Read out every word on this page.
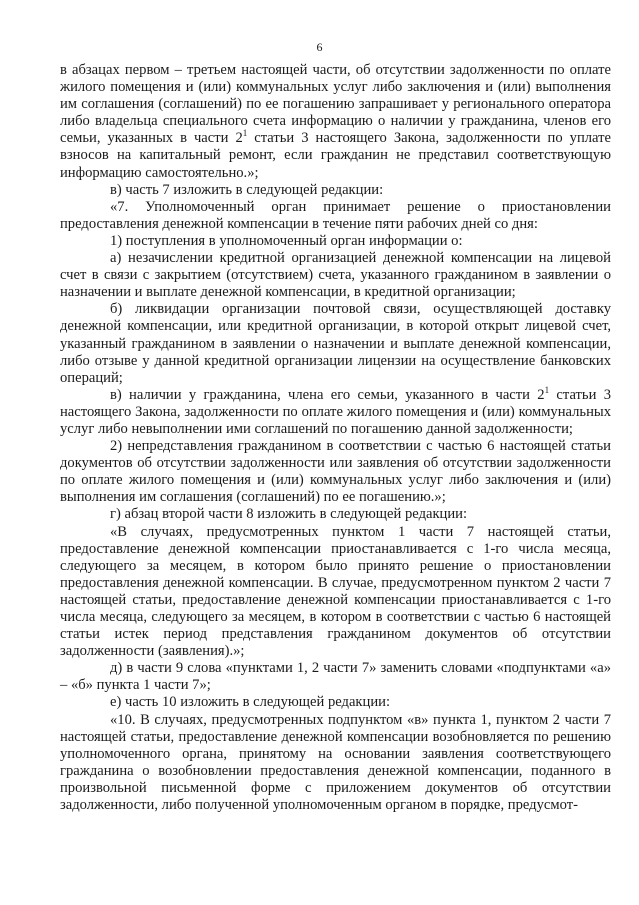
6

в абзацах первом – третьем настоящей части, об отсутствии задолженности по оплате жилого помещения и (или) коммунальных услуг либо заключения и (или) выполнения им соглашения (соглашений) по ее погашению запрашивает у регионального оператора либо владельца специального счета информацию о наличии у гражданина, членов его семьи, указанных в части $2^1$ статьи 3 настоящего Закона, задолженности по уплате взносов на капитальный ремонт, если гражданин не представил соответствующую информацию самостоятельно.»;

в) часть 7 изложить в следующей редакции:

«7. Уполномоченный орган принимает решение о приостановлении предоставления денежной компенсации в течение пяти рабочих дней со дня:

1) поступления в уполномоченный орган информации о:

а) незачислении кредитной организацией денежной компенсации на лицевой счет в связи с закрытием (отсутствием) счета, указанного гражданином в заявлении о назначении и выплате денежной компенсации, в кредитной организации;

б) ликвидации организации почтовой связи, осуществляющей доставку денежной компенсации, или кредитной организации, в которой открыт лицевой счет, указанный гражданином в заявлении о назначении и выплате денежной компенсации, либо отзыве у данной кредитной организации лицензии на осуществление банковских операций;

в) наличии у гражданина, члена его семьи, указанного в части $2^1$ статьи 3 настоящего Закона, задолженности по оплате жилого помещения и (или) коммунальных услуг либо невыполнении ими соглашений по погашению данной задолженности;

2) непредставления гражданином в соответствии с частью 6 настоящей статьи документов об отсутствии задолженности или заявления об отсутствии задолженности по оплате жилого помещения и (или) коммунальных услуг либо заключения и (или) выполнения им соглашения (соглашений) по ее погашению.»;

г) абзац второй части 8 изложить в следующей редакции:

«В случаях, предусмотренных пунктом 1 части 7 настоящей статьи, предоставление денежной компенсации приостанавливается с 1-го числа месяца, следующего за месяцем, в котором было принято решение о приостановлении предоставления денежной компенсации. В случае, предусмотренном пунктом 2 части 7 настоящей статьи, предоставление денежной компенсации приостанавливается с 1-го числа месяца, следующего за месяцем, в котором в соответствии с частью 6 настоящей статьи истек период представления гражданином документов об отсутствии задолженности (заявления).»;

д) в части 9 слова «пунктами 1, 2 части 7» заменить словами «подпунктами «а» – «б» пункта 1 части 7»;

е) часть 10 изложить в следующей редакции:

«10. В случаях, предусмотренных подпунктом «в» пункта 1, пунктом 2 части 7 настоящей статьи, предоставление денежной компенсации возобновляется по решению уполномоченного органа, принятому на основании заявления соответствующего гражданина о возобновлении предоставления денежной компенсации, поданного в произвольной письменной форме с приложением документов об отсутствии задолженности, либо полученной уполномоченным органом в порядке, предусмот-
